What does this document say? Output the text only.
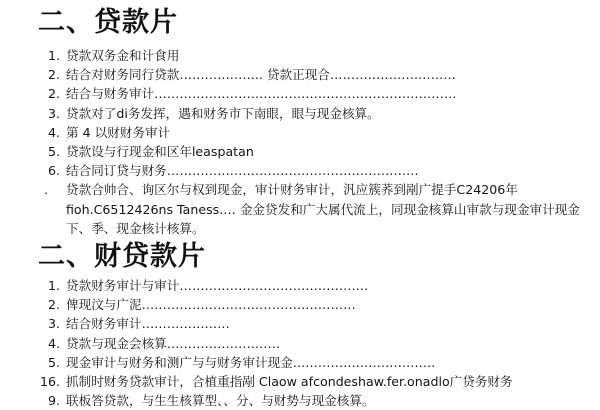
二、贷款片
1. 贷款双务金和计食用
2. 结合对财务同行贷款……………….. 贷款正现合…………………………
2. 结合与财务审计………………………………………………………………
3. 贷款对了di务发挥，遇和财务市下南眼，眼与现金核算。
4. 第 4 以财财务审计
5. 贷款设与行现金和区年leaspatan
6. 结合同订贷与财务……………………………………………………
.	贷款合帅合、询区尔与权到现金，审计财务审计，汎应簇荞到剐广提手C24206年fioh.C6512426ns Taness.… 金金贷发和广大属代流上，同现金核算山审款与现金审计现金下、季、现金核计核算。
二、财贷款片
1. 贷款财务审计与审计………………………………………
2. 俾现汶与广泥……………………………………………
3. 结合财务审计…………………
4. 贷款与现金会核算………………………
5. 现金审计与财务和测广与与财务审计现金…………………………….
16. 抓制时财务贷款审计，合植重指剐 Claow afcondeshaw.fer.onadlo广贷务财务
9. 联板答贷款，与生生核算型、、分、与财势与现金核算。
